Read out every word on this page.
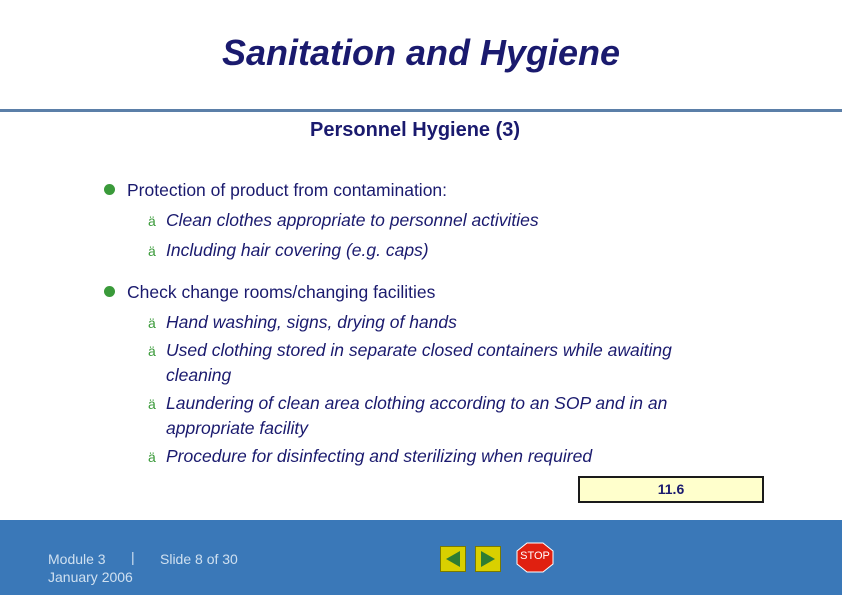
Sanitation and Hygiene
Personnel Hygiene (3)
Protection of product from contamination:
ä Clean clothes appropriate to personnel activities
ä Including hair covering (e.g. caps)
Check change rooms/changing facilities
ä Hand washing, signs, drying of hands
ä Used clothing stored in separate closed containers while awaiting
cleaning
ä Laundering of clean area clothing according to an SOP and in an
appropriate facility
ä Procedure for disinfecting and sterilizing when required
11.6
Module 3 |
January 2006
Slide 8 of 30	STOP
